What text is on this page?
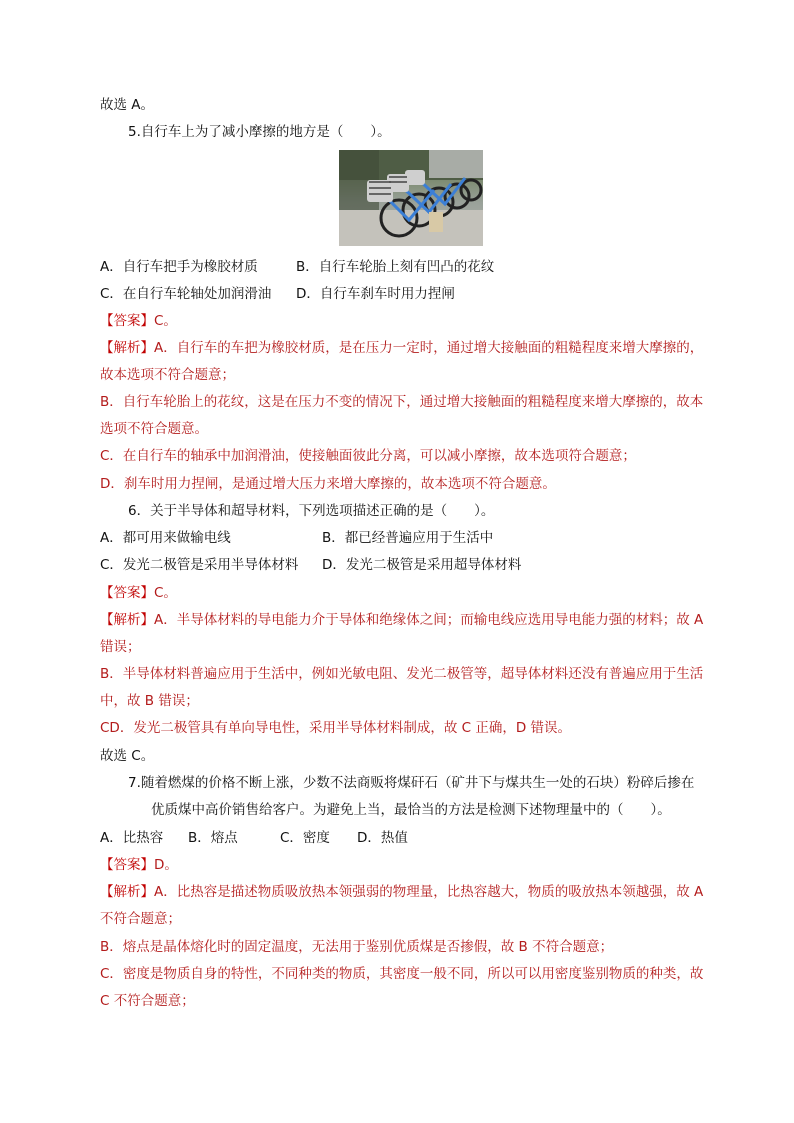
故选 A。
5.自行车上为了减小摩擦的地方是（　　）。
A．自行车把手为橡胶材质	B．自行车轮胎上刻有凹凸的花纹
C．在自行车轮轴处加润滑油 D．自行车刹车时用力捏闸
【答案】C。
【解析】A．自行车的车把为橡胶材质，是在压力一定时，通过增大接触面的粗糙程度来增大摩擦的，
故本选项不符合题意；
B．自行车轮胎上的花纹，这是在压力不变的情况下，通过增大接触面的粗糙程度来增大摩擦的，故本
选项不符合题意。
C．在自行车的轴承中加润滑油，使接触面彼此分离，可以减小摩擦，故本选项符合题意；
D．刹车时用力捏闸，是通过增大压力来增大摩擦的，故本选项不符合题意。
6．关于半导体和超导材料，下列选项描述正确的是（　　）。
A．都可用来做输电线	B．都已经普遍应用于生活中
C．发光二极管是采用半导体材料 D．发光二极管是采用超导体材料
【答案】C。
【解析】A．半导体材料的导电能力介于导体和绝缘体之间；而输电线应选用导电能力强的材料；故 A
错误；
B．半导体材料普遍应用于生活中，例如光敏电阻、发光二极管等，超导体材料还没有普遍应用于生活
中，故 B 错误；
CD．发光二极管具有单向导电性，采用半导体材料制成，故 C 正确，D 错误。
故选 C。
7.随着燃煤的价格不断上涨，少数不法商贩将煤矸石（矿井下与煤共生一处的石块）粉碎后掺在
优质煤中高价销售给客户。为避免上当，最恰当的方法是检测下述物理量中的（　　）。
A．比热容 B．熔点	C．密度 D．热值
【答案】D。
【解析】A．比热容是描述物质吸放热本领强弱的物理量，比热容越大，物质的吸放热本领越强，故 A
不符合题意；
B．熔点是晶体熔化时的固定温度，无法用于鉴别优质煤是否掺假，故 B 不符合题意；
C．密度是物质自身的特性，不同种类的物质，其密度一般不同，所以可以用密度鉴别物质的种类，故
C 不符合题意；
